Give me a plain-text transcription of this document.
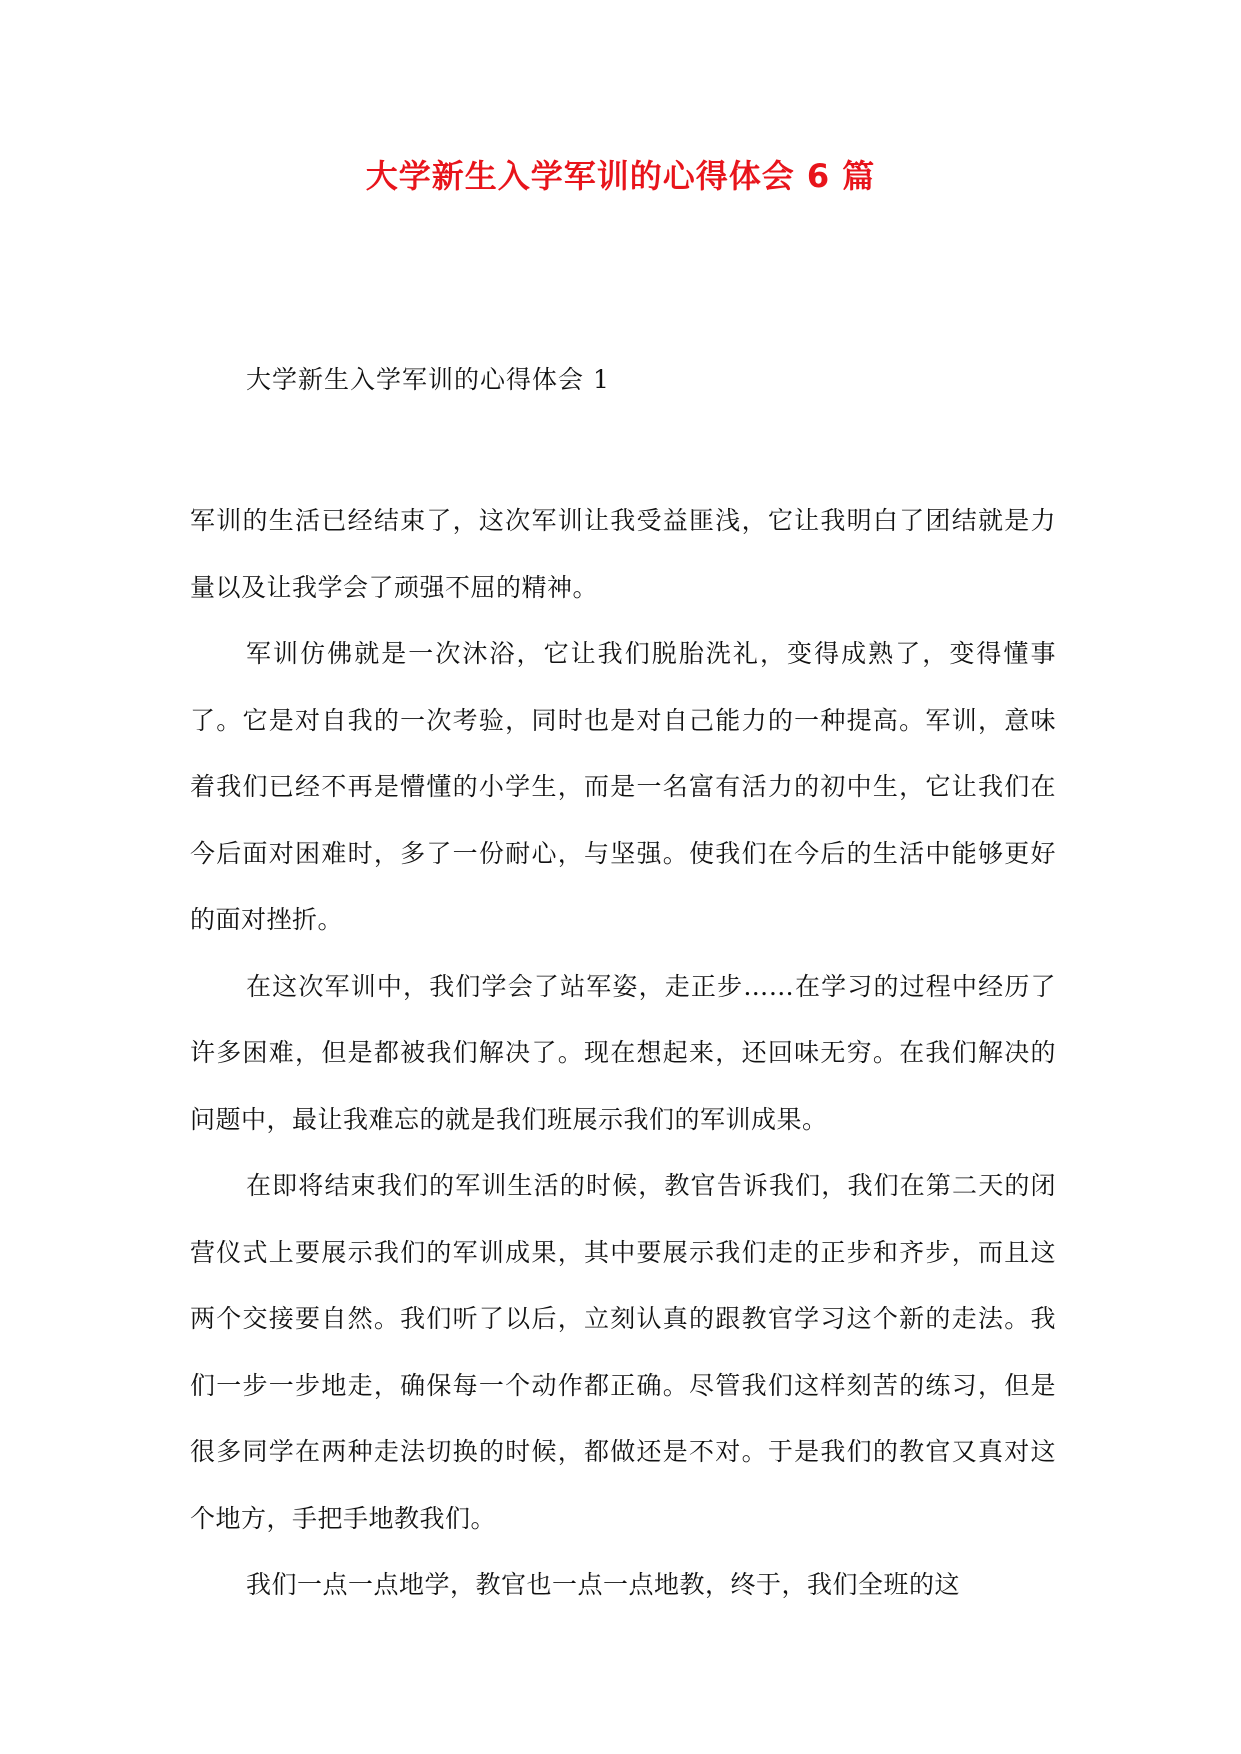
大学新生入学军训的心得体会 6 篇
大学新生入学军训的心得体会 1

军训的生活已经结束了，这次军训让我受益匪浅，它让我明白了团结就是力量以及让我学会了顽强不屈的精神。

军训仿佛就是一次沐浴，它让我们脱胎洗礼，变得成熟了，变得懂事了。它是对自我的一次考验，同时也是对自己能力的一种提高。军训，意味着我们已经不再是懵懂的小学生，而是一名富有活力的初中生，它让我们在今后面对困难时，多了一份耐心，与坚强。使我们在今后的生活中能够更好的面对挫折。

在这次军训中，我们学会了站军姿，走正步……在学习的过程中经历了许多困难，但是都被我们解决了。现在想起来，还回味无穷。在我们解决的问题中，最让我难忘的就是我们班展示我们的军训成果。

在即将结束我们的军训生活的时候，教官告诉我们，我们在第二天的闭营仪式上要展示我们的军训成果，其中要展示我们走的正步和齐步，而且这两个交接要自然。我们听了以后，立刻认真的跟教官学习这个新的走法。我们一步一步地走，确保每一个动作都正确。尽管我们这样刻苦的练习，但是很多同学在两种走法切换的时候，都做还是不对。于是我们的教官又真对这个地方，手把手地教我们。

我们一点一点地学，教官也一点一点地教，终于，我们全班的这
